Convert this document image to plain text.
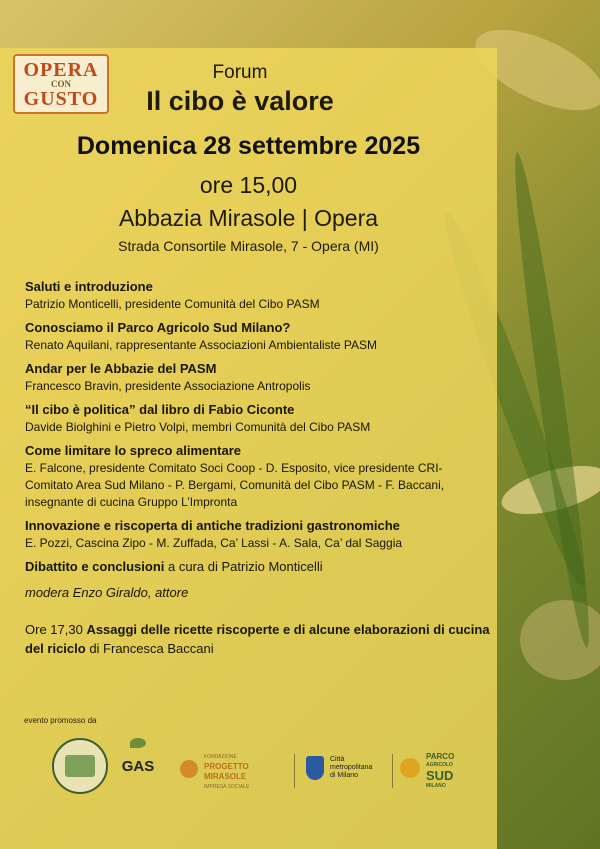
OPERA
CON
GUSTO
Forum
Il cibo è valore
Domenica 28 settembre 2025
ore 15,00
Abbazia Mirasole | Opera
Strada Consortile Mirasole, 7 - Opera (MI)
Saluti e introduzione
Patrizio Monticelli, presidente Comunità del Cibo PASM
Conosciamo il Parco Agricolo Sud Milano?
Renato Aquilani, rappresentante Associazioni Ambientaliste PASM
Andar per le Abbazie del PASM
Francesco Bravin, presidente Associazione Antropolis
“Il cibo è politica” dal libro di Fabio Ciconte
Davide Biolghini e Pietro Volpi, membri Comunità del Cibo PASM
Come limitare lo spreco alimentare
E. Falcone, presidente Comitato Soci Coop - D. Esposito, vice presidente CRI-Comitato Area Sud Milano - P. Bergami, Comunità del Cibo PASM - F. Baccani, insegnante di cucina Gruppo L’Impronta
Innovazione e riscoperta di antiche tradizioni gastronomiche
E. Pozzi, Cascina Zipo - M. Zuffada, Ca’ Lassi - A. Sala, Ca’ dal Saggia
Dibattito e conclusioni a cura di Patrizio Monticelli
modera Enzo Giraldo, attore
Ore 17,30 Assaggi delle ricette riscoperte e di alcune elaborazioni di cucina del riciclo di Francesca Baccani
evento promosso da
GAS
FONDAZIONE
PROGETTO
MIRASOLE
IMPRESA SOCIALE
Città
metropolitana
di Milano
PARCO
AGRICOLO
SUD
MILANO
